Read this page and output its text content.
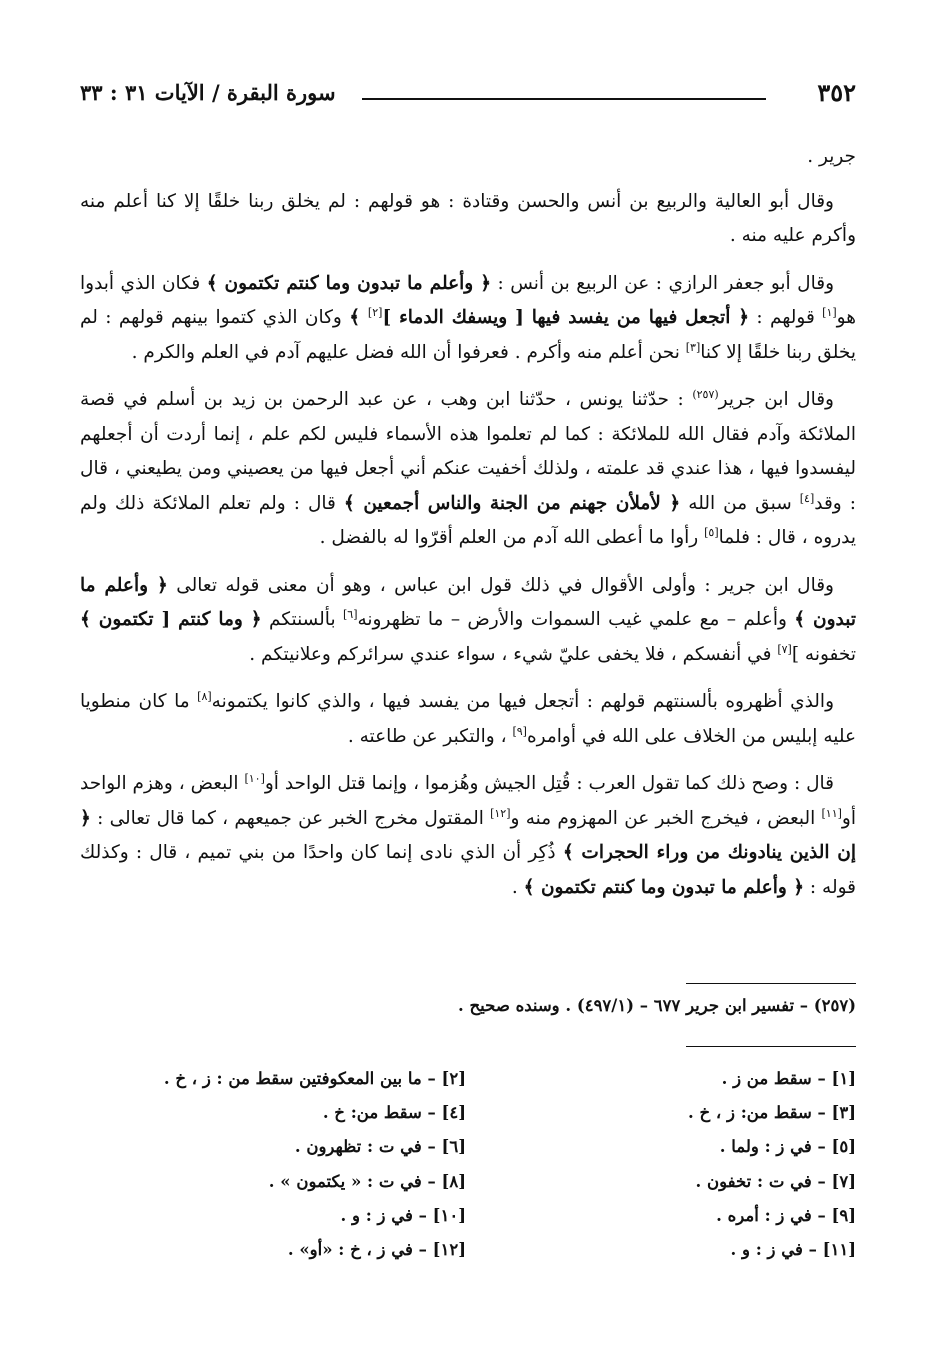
٣٥٢
سورة البقرة / الآيات ٣١ : ٣٣

جرير .

وقال أبو العالية والربيع بن أنس والحسن وقتادة : هو قولهم : لم يخلق ربنا خلقًا إلا كنا أعلم منه وأكرم عليه منه .

وقال أبو جعفر الرازي : عن الربيع بن أنس : ﴿ وأعلم ما تبدون وما كنتم تكتمون ﴾ فكان الذي أبدوا هو[١] قولهم : ﴿ أتجعل فيها من يفسد فيها [ ويسفك الدماء ][٢] ﴾ وكان الذي كتموا بينهم قولهم : لم يخلق ربنا خلقًا إلا كنا[٣] نحن أعلم منه وأكرم . فعرفوا أن الله فضل عليهم آدم في العلم والكرم .

وقال ابن جرير$^{(٢٥٧)}$ : حدّثنا يونس ، حدّثنا ابن وهب ، عن عبد الرحمن بن زيد بن أسلم في قصة الملائكة وآدم فقال الله للملائكة : كما لم تعلموا هذه الأسماء فليس لكم علم ، إنما أردت أن أجعلهم ليفسدوا فيها ، هذا عندي قد علمته ، ولذلك أخفيت عنكم أني أجعل فيها من يعصيني ومن يطيعني ، قال : وقد[٤] سبق من الله ﴿ لأملأن جهنم من الجنة والناس أجمعين ﴾ قال : ولم تعلم الملائكة ذلك ولم يدروه ، قال : فلما[٥] رأوا ما أعطى الله آدم من العلم أقرّوا له بالفضل .

وقال ابن جرير : وأولى الأقوال في ذلك قول ابن عباس ، وهو أن معنى قوله تعالى ﴿ وأعلم ما تبدون ﴾ وأعلم – مع علمي غيب السموات والأرض – ما تظهرونه[٦] بألسنتكم ﴿ وما كنتم [ تكتمون ﴾ تخفونه ][٧] في أنفسكم ، فلا يخفى عليّ شيء ، سواء عندي سرائركم وعلانيتكم .

والذي أظهروه بألسنتهم قولهم : أتجعل فيها من يفسد فيها ، والذي كانوا يكتمونه[٨] ما كان منطويا عليه إبليس من الخلاف على الله في أوامره[٩] ، والتكبر عن طاعته .

قال : وصح ذلك كما تقول العرب : قُتِل الجيش وهُزموا ، وإنما قتل الواحد أو[١٠] البعض ، وهزم الواحد أو[١١] البعض ، فيخرج الخبر عن المهزوم منه و[١٢] المقتول مخرج الخبر عن جميعهم ، كما قال تعالى : ﴿ إن الذين ينادونك من وراء الحجرات ﴾ ذُكِر أن الذي نادى إنما كان واحدًا من بني تميم ، قال : وكذلك قوله : ﴿ وأعلم ما تبدون وما كنتم تكتمون ﴾ .

(٢٥٧) – تفسير ابن جرير ٦٧٧ – (٤٩٧/١) . وسنده صحيح .
[١] – سقط من ز .
[٣] – سقط من: ز ، خ .
[٥] – في ز : ولما .
[٧] – في ت : تخفون .
[٩] – في ز : أمره .
[١١] – في ز : و .
[٢] – ما بين المعكوفتين سقط من : ز ، خ .
[٤] – سقط من: خ .
[٦] – في ت : تظهرون .
[٨] – في ت : « يكتمون » .
[١٠] – في ز : و .
[١٢] – في ز ، خ : «أو» .
